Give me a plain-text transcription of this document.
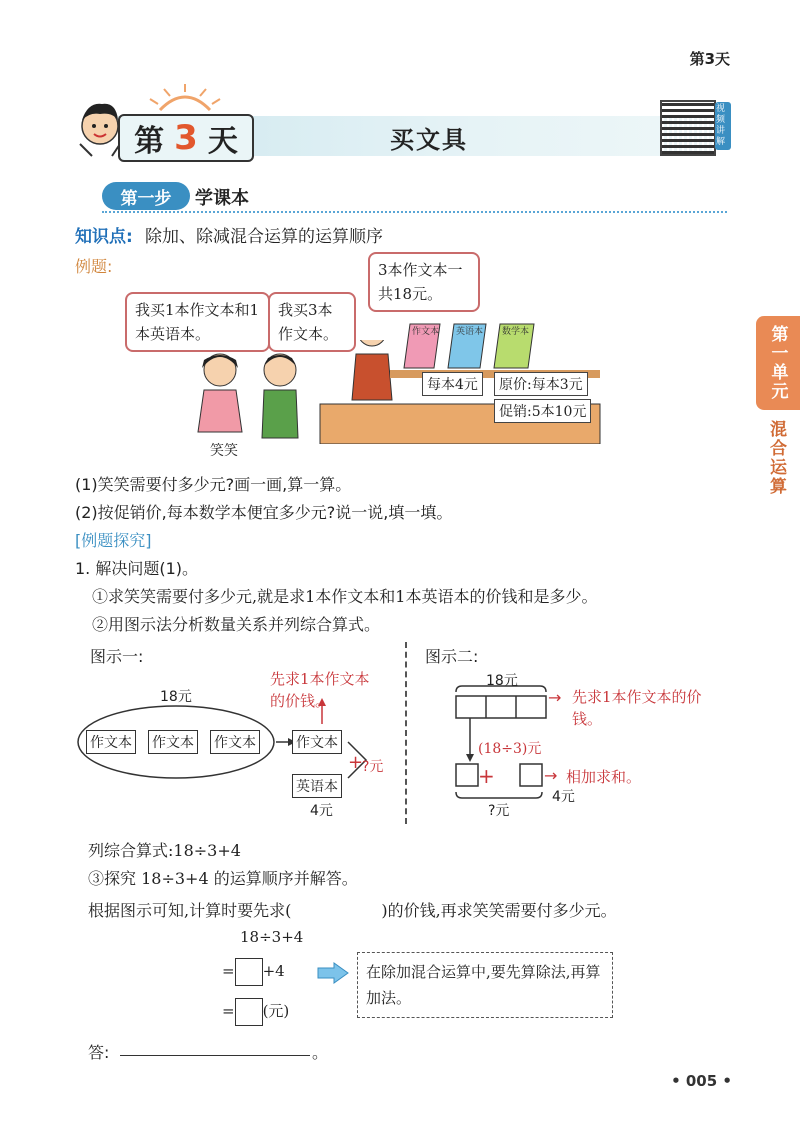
第3天
第 3 天	买文具
视频讲解
第一步	学课本
知识点: 除加、除减混合运算的运算顺序
例题:
作文本 英语本 数学本
我买1本作文本和1本英语本。
我买3本作文本。
3本作文本一共18元。
每本4元	原价:每本3元
促销:5本10元
笑笑
(1)笑笑需要付多少元?画一画,算一算。
(2)按促销价,每本数学本便宜多少元?说一说,填一填。
[例题探究]
1. 解决问题(1)。
①求笑笑需要付多少元,就是求1本作文本和1本英语本的价钱和是多少。
②用图示法分析数量关系并列综合算式。
图示一:
18元
作文本 作文本 作文本	作文本
英语本
4元
先求1本作文本的价钱。
+
?元
图示二:
18元
+
→ 先求1本作文本的价钱。
(18÷3)元
→ 相加求和。
4元
?元
列综合算式:18÷3+4
③探究 18÷3+4 的运算顺序并解答。
根据图示可知,计算时要先求(	)的价钱,再求笑笑需要付多少元。
18÷3+4
= +4
= (元)
在除加混合运算中,要先算除法,再算加法。
答:	。
• 005 •
第一单元
混合运算
